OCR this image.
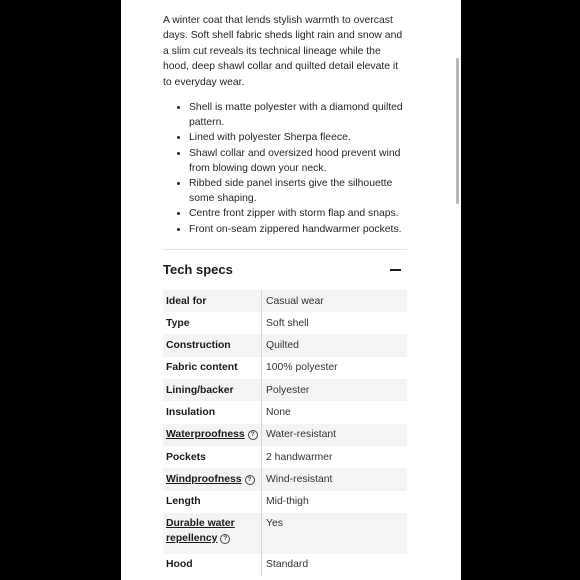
A winter coat that lends stylish warmth to overcast days. Soft shell fabric sheds light rain and snow and a slim cut reveals its technical lineage while the hood, deep shawl collar and quilted detail elevate it to everyday wear.

• Shell is matte polyester with a diamond quilted pattern.
• Lined with polyester Sherpa fleece.
• Shawl collar and oversized hood prevent wind from blowing down your neck.
• Ribbed side panel inserts give the silhouette some shaping.
• Centre front zipper with storm flap and snaps.
• Front on-seam zippered handwarmer pockets.
Tech specs
Ideal for	Casual wear
Type	Soft shell
Construction	Quilted
Fabric content	100% polyester
Lining/backer	Polyester
Insulation	None
Waterproofness ?	Water-resistant
Pockets	2 handwarmer
Windproofness ?	Wind-resistant
Length	Mid-thigh
Durable water repellency ?	Yes
Hood	Standard
